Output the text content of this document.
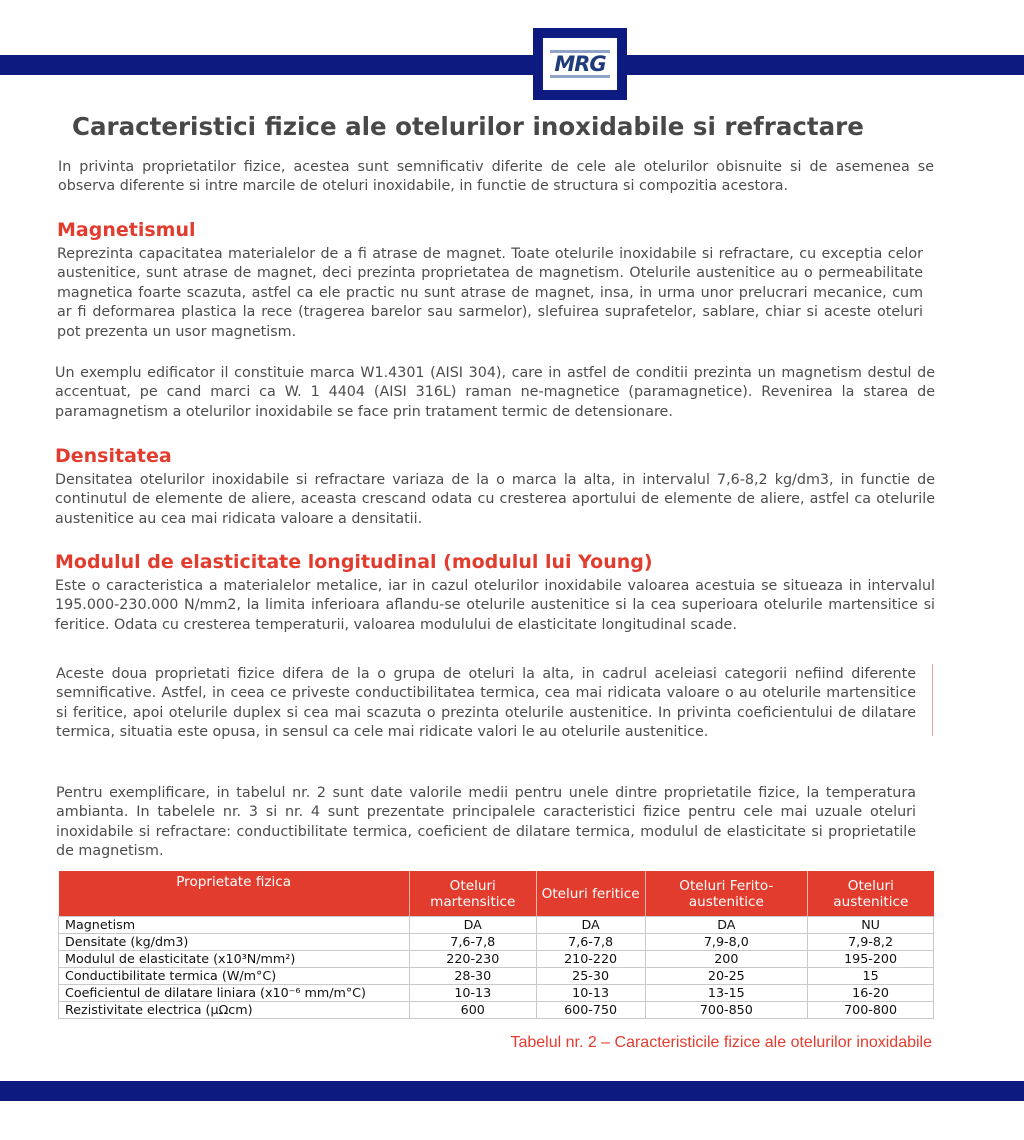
MRG
Caracteristici fizice ale otelurilor inoxidabile si refractare

In privinta proprietatilor fizice, acestea sunt semnificativ diferite de cele ale otelurilor obisnuite si de asemenea se observa diferente si intre marcile de oteluri inoxidabile, in functie de structura si compozitia acestora.

Magnetismul

Reprezinta capacitatea materialelor de a fi atrase de magnet. Toate otelurile inoxidabile si refractare, cu exceptia celor austenitice, sunt atrase de magnet, deci prezinta proprietatea de magnetism. Otelurile austenitice au o permeabilitate magnetica foarte scazuta, astfel ca ele practic nu sunt atrase de magnet, insa, in urma unor prelucrari mecanice, cum ar fi deformarea plastica la rece (tragerea barelor sau sarmelor), slefuirea suprafetelor, sablare, chiar si aceste oteluri pot prezenta un usor magnetism.

Un exemplu edificator il constituie marca W1.4301 (AISI 304), care in astfel de conditii prezinta un magnetism destul de accentuat, pe cand marci ca W. 1 4404 (AISI 316L) raman ne-magnetice (paramagnetice). Revenirea la starea de paramagnetism a otelurilor inoxidabile se face prin tratament termic de detensionare.

Densitatea

Densitatea otelurilor inoxidabile si refractare variaza de la o marca la alta, in intervalul 7,6-8,2 kg/dm3, in functie de continutul de elemente de aliere, aceasta crescand odata cu cresterea aportului de elemente de aliere, astfel ca otelurile austenitice au cea mai ridicata valoare a densitatii.

Modulul de elasticitate longitudinal (modulul lui Young)

Este o caracteristica a materialelor metalice, iar in cazul otelurilor inoxidabile valoarea acestuia se situeaza in intervalul 195.000-230.000 N/mm2, la limita inferioara aflandu-se otelurile austenitice si la cea superioara otelurile martensitice si feritice. Odata cu cresterea temperaturii, valoarea modulului de elasticitate longitudinal scade.

Aceste doua proprietati fizice difera de la o grupa de oteluri la alta, in cadrul aceleiasi categorii nefiind diferente semnificative. Astfel, in ceea ce priveste conductibilitatea termica, cea mai ridicata valoare o au otelurile martensitice si feritice, apoi otelurile duplex si cea mai scazuta o prezinta otelurile austenitice. In privinta coeficientului de dilatare termica, situatia este opusa, in sensul ca cele mai ridicate valori le au otelurile austenitice.

Pentru exemplificare, in tabelul nr. 2 sunt date valorile medii pentru unele dintre proprietatile fizice, la temperatura ambianta. In tabelele nr. 3 si nr. 4 sunt prezentate principalele caracteristici fizice pentru cele mai uzuale oteluri inoxidabile si refractare: conductibilitate termica, coeficient de dilatare termica, modulul de elasticitate si proprietatile de magnetism.

Proprietate fizica	Oteluri martensitice	Oteluri feritice	Oteluri Ferito-austenitice	Oteluri austenitice
Magnetism	DA	DA	DA	NU
Densitate (kg/dm3)	7,6-7,8	7,6-7,8	7,9-8,0	7,9-8,2
Modulul de elasticitate (x10³N/mm²)	220-230	210-220	200	195-200
Conductibilitate termica (W/m°C)	28-30	25-30	20-25	15
Coeficientul de dilatare liniara (x10⁻⁶ mm/m°C)	10-13	10-13	13-15	16-20
Rezistivitate electrica (μΩcm)	600	600-750	700-850	700-800
Tabelul nr. 2 – Caracteristicile fizice ale otelurilor inoxidabile
